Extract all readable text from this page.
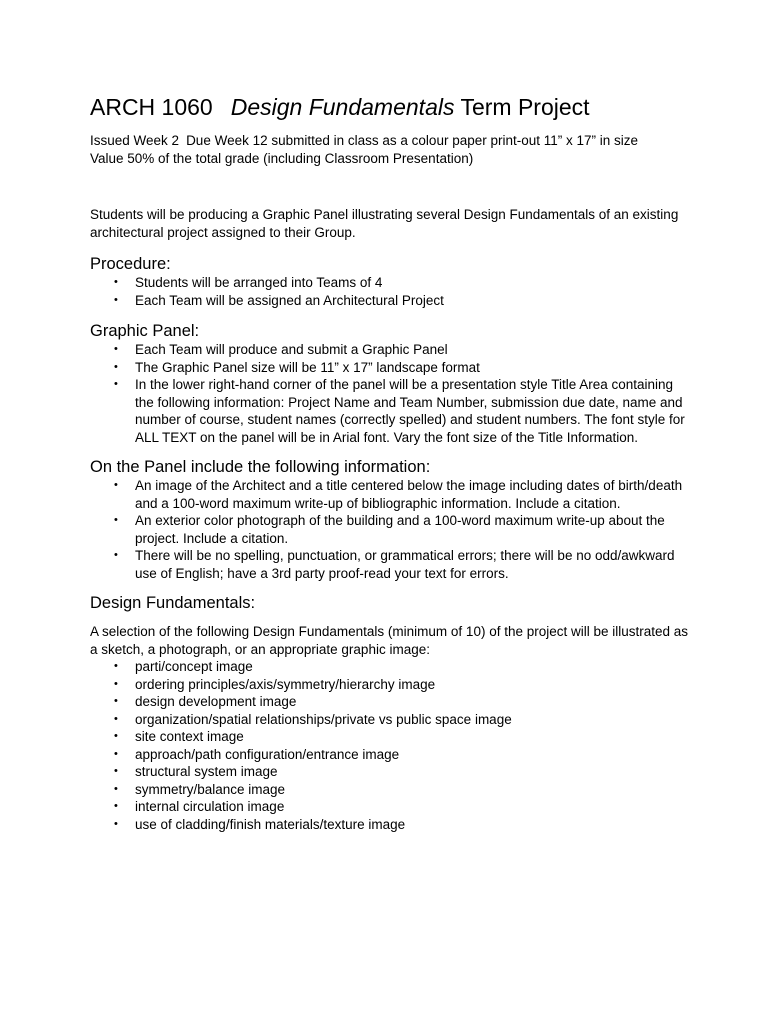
ARCH 1060 Design Fundamentals Term Project
Issued Week 2 Due Week 12 submitted in class as a colour paper print-out 11” x 17” in size
Value 50% of the total grade (including Classroom Presentation)

Students will be producing a Graphic Panel illustrating several Design Fundamentals of an existing architectural project assigned to their Group.

Procedure:
• Students will be arranged into Teams of 4
• Each Team will be assigned an Architectural Project
Graphic Panel:
• Each Team will produce and submit a Graphic Panel
• The Graphic Panel size will be 11” x 17” landscape format
• In the lower right-hand corner of the panel will be a presentation style Title Area containing the following information: Project Name and Team Number, submission due date, name and number of course, student names (correctly spelled) and student numbers. The font style for ALL TEXT on the panel will be in Arial font. Vary the font size of the Title Information.
On the Panel include the following information:
• An image of the Architect and a title centered below the image including dates of birth/death and a 100-word maximum write-up of bibliographic information. Include a citation.
• An exterior color photograph of the building and a 100-word maximum write-up about the project. Include a citation.
• There will be no spelling, punctuation, or grammatical errors; there will be no odd/awkward use of English; have a 3rd party proof-read your text for errors.
Design Fundamentals:

A selection of the following Design Fundamentals (minimum of 10) of the project will be illustrated as a sketch, a photograph, or an appropriate graphic image:

• parti/concept image
• ordering principles/axis/symmetry/hierarchy image
• design development image
• organization/spatial relationships/private vs public space image
• site context image
• approach/path configuration/entrance image
• structural system image
• symmetry/balance image
• internal circulation image
• use of cladding/finish materials/texture image
